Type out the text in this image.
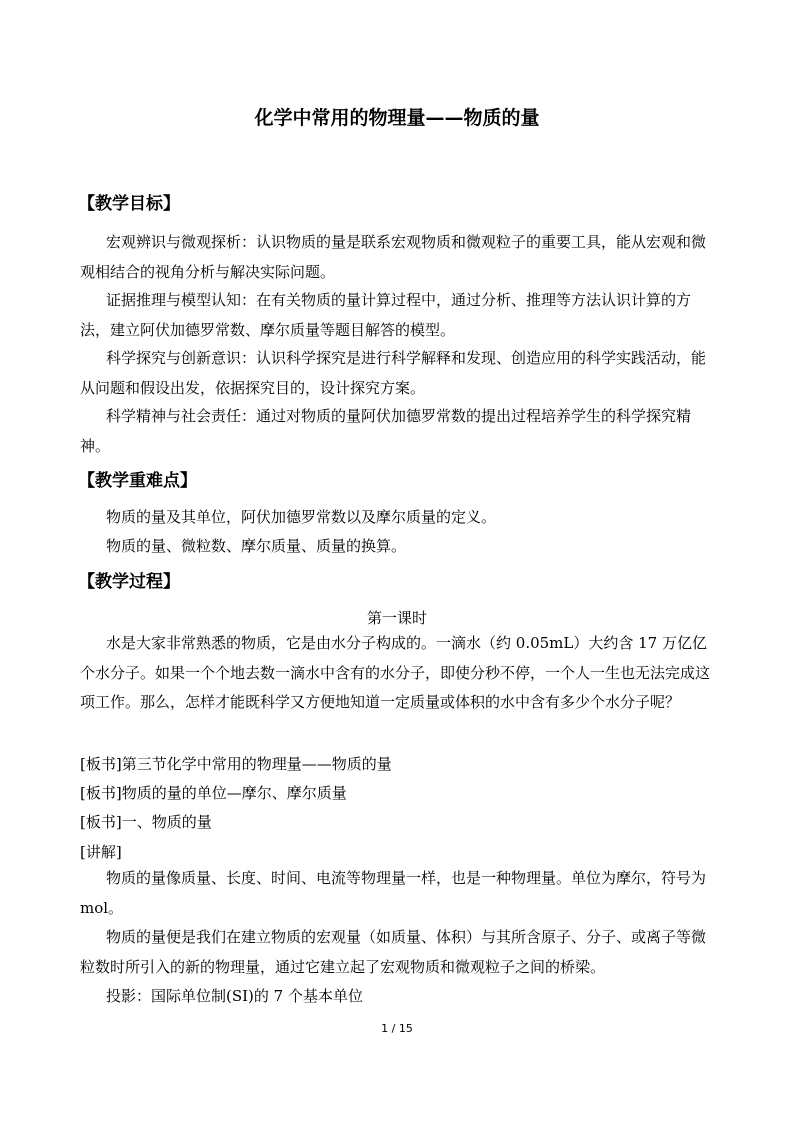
化学中常用的物理量——物质的量
【教学目标】

宏观辨识与微观探析：认识物质的量是联系宏观物质和微观粒子的重要工具，能从宏观和微观相结合的视角分析与解决实际问题。

证据推理与模型认知：在有关物质的量计算过程中，通过分析、推理等方法认识计算的方法，建立阿伏加德罗常数、摩尔质量等题目解答的模型。

科学探究与创新意识：认识科学探究是进行科学解释和发现、创造应用的科学实践活动，能从问题和假设出发，依据探究目的，设计探究方案。

科学精神与社会责任：通过对物质的量阿伏加德罗常数的提出过程培养学生的科学探究精神。

【教学重难点】

物质的量及其单位，阿伏加德罗常数以及摩尔质量的定义。

物质的量、微粒数、摩尔质量、质量的换算。

【教学过程】
第一课时

水是大家非常熟悉的物质，它是由水分子构成的。一滴水（约 0.05mL）大约含 17 万亿亿个水分子。如果一个个地去数一滴水中含有的水分子，即使分秒不停，一个人一生也无法完成这项工作。那么，怎样才能既科学又方便地知道一定质量或体积的水中含有多少个水分子呢？

[板书]第三节化学中常用的物理量——物质的量
[板书]物质的量的单位—摩尔、摩尔质量
[板书]一、物质的量
[讲解]

物质的量像质量、长度、时间、电流等物理量一样，也是一种物理量。单位为摩尔，符号为 mol。

物质的量便是我们在建立物质的宏观量（如质量、体积）与其所含原子、分子、或离子等微粒数时所引入的新的物理量，通过它建立起了宏观物质和微观粒子之间的桥梁。

投影：国际单位制(SI)的 7 个基本单位

1 / 15
